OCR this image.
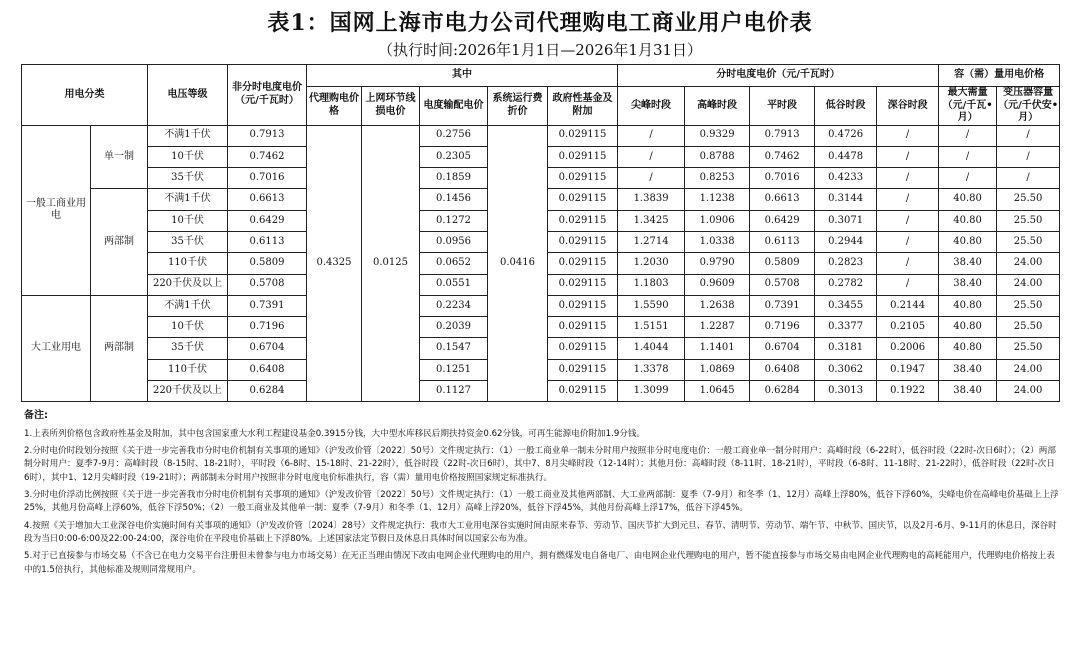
表1：国网上海市电力公司代理购电工商业用户电价表
（执行时间:2026年1月1日—2026年1月31日）
用电分类		电压等级	非分时电度电价（元/千瓦时）	其中					分时电度电价（元/千瓦时）					容（需）量用电价格	
				代理购电价格	上网环节线损电价	电度输配电价	系统运行费折价	政府性基金及附加	尖峰时段	高峰时段	平时段	低谷时段	深谷时段	最大需量（元/千瓦•月）	变压器容量（元/千伏安•月）

一般工商业用电	单一制	不满1千伏	0.7913	0.4325	0.0125	0.2756	0.0416	0.029115	/	0.9329	0.7913	0.4726	/	/	/
		10千伏	0.7462			0.2305		0.029115	/	0.8788	0.7462	0.4478	/	/	/
		35千伏	0.7016			0.1859		0.029115	/	0.8253	0.7016	0.4233	/	/	/
	两部制	不满1千伏	0.6613			0.1456		0.029115	1.3839	1.1238	0.6613	0.3144	/	40.80	25.50
		10千伏	0.6429			0.1272		0.029115	1.3425	1.0906	0.6429	0.3071	/	40.80	25.50
		35千伏	0.6113			0.0956		0.029115	1.2714	1.0338	0.6113	0.2944	/	40.80	25.50
		110千伏	0.5809			0.0652		0.029115	1.2030	0.9790	0.5809	0.2823	/	38.40	24.00
		220千伏及以上	0.5708			0.0551		0.029115	1.1803	0.9609	0.5708	0.2782	/	38.40	24.00
大工业用电	两部制	不满1千伏	0.7391			0.2234		0.029115	1.5590	1.2638	0.7391	0.3455	0.2144	40.80	25.50
		10千伏	0.7196			0.2039		0.029115	1.5151	1.2287	0.7196	0.3377	0.2105	40.80	25.50
		35千伏	0.6704			0.1547		0.029115	1.4044	1.1401	0.6704	0.3181	0.2006	40.80	25.50
		110千伏	0.6408			0.1251		0.029115	1.3378	1.0869	0.6408	0.3062	0.1947	38.40	24.00
		220千伏及以上	0.6284			0.1127		0.029115	1.3099	1.0645	0.6284	0.3013	0.1922	38.40	24.00
备注:

1.上表所列价格包含政府性基金及附加，其中包含国家重大水利工程建设基金0.3915分钱，大中型水库移民后期扶持资金0.62分钱，可再生能源电价附加1.9分钱。

2.分时电价时段划分按照《关于进一步完善我市分时电价机制有关事项的通知》（沪发改价管〔2022〕50号）文件规定执行：（1）一般工商业单一制未分时用户按照非分时电度电价：一般工商业单一制分时用户：高峰时段（6-22时），低谷时段（22时-次日6时）；（2）两部制分时用户：夏季7-9月：高峰时段（8-15时、18-21时），平时段（6-8时、15-18时、21-22时），低谷时段（22时-次日6时），其中7、8月尖峰时段（12-14时）；其他月份：高峰时段（8-11时、18-21时），平时段（6-8时、11-18时、21-22时），低谷时段（22时-次日6时），其中1、12月尖峰时段（19-21时）；两部制未分时用户按照非分时电度电价标准执行，容（需）量用电价格按照国家规定标准执行。

3.分时电价浮动比例按照《关于进一步完善我市分时电价机制有关事项的通知》（沪发改价管〔2022〕50号）文件规定执行：（1）一般工商业及其他两部制、大工业两部制：夏季（7-9月）和冬季（1、12月）高峰上浮80%，低谷下浮60%，尖峰电价在高峰电价基础上上浮25%，其他月份高峰上浮60%，低谷下浮50%；（2）一般工商业及其他单一制：夏季（7-9月）和冬季（1、12月）高峰上浮20%，低谷下浮45%，其他月份高峰上浮17%，低谷下浮45%。

4.按照《关于增加大工业深谷电价实施时间有关事项的通知》（沪发改价管〔2024〕28号）文件规定执行：我市大工业用电深谷实施时间由原来春节、劳动节、国庆节扩大到元旦、春节、清明节、劳动节、端午节、中秋节、国庆节，以及2月-6月、9-11月的休息日，深谷时段为当日0:00-6:00及22:00-24:00，深谷电价在平段电价基础上下浮80%。上述国家法定节假日及休息日具体时间以国家公布为准。

5.对于已直接参与市场交易（不含已在电力交易平台注册但未曾参与电力市场交易）在无正当理由情况下改由电网企业代理购电的用户，拥有燃煤发电自备电厂、由电网企业代理购电的用户，暂不能直接参与市场交易由电网企业代理购电的高耗能用户，代理购电价格按上表中的1.5倍执行，其他标准及规则同常规用户。
